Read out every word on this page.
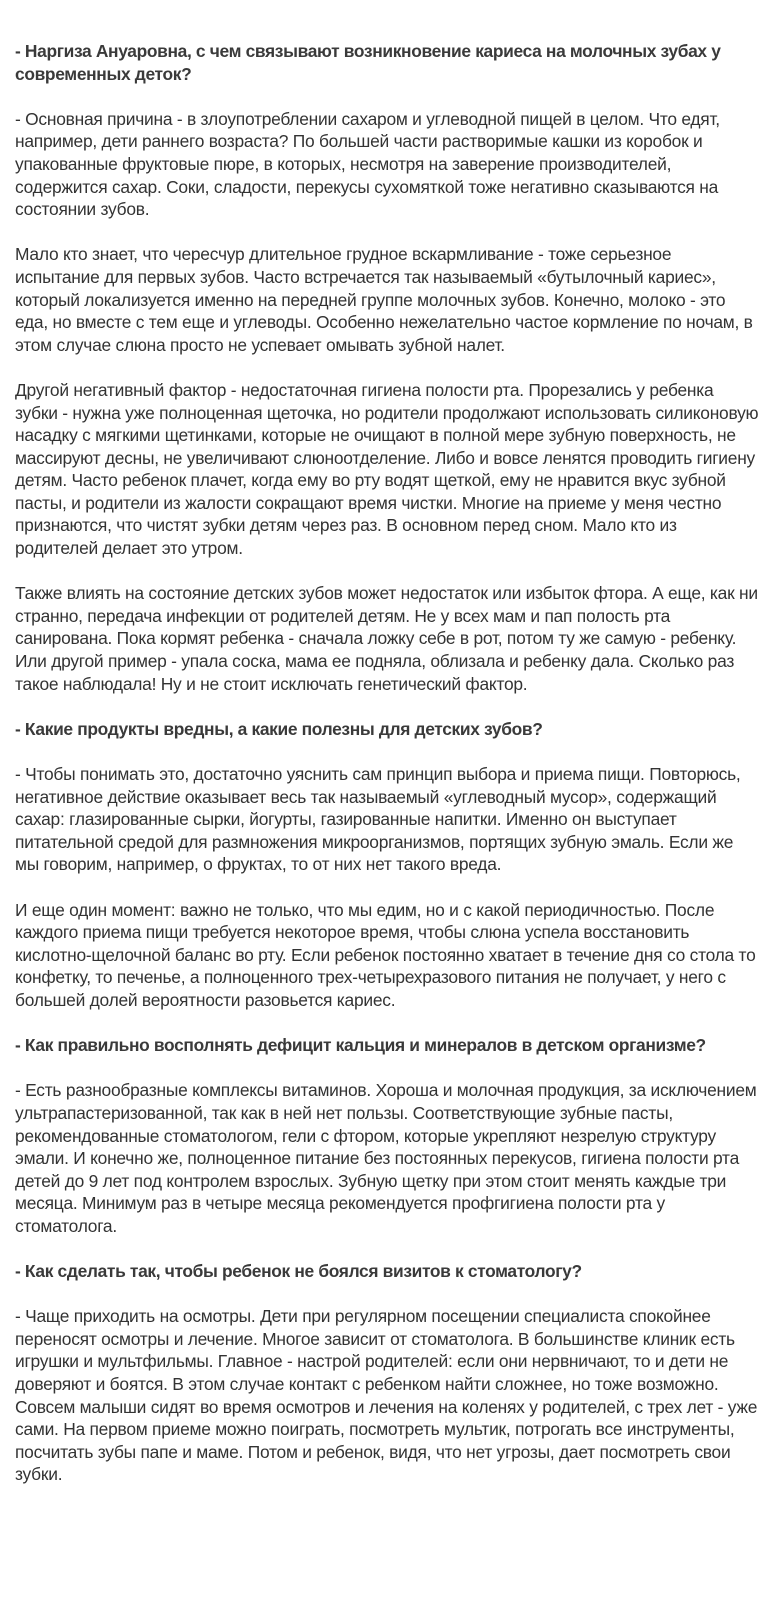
- Наргиза Ануаровна, с чем связывают возникновение кариеса на молочных зубах у современных деток?

- Основная причина - в злоупотреблении сахаром и углеводной пищей в целом. Что едят, например, дети раннего возраста? По большей части растворимые кашки из коробок и упакованные фруктовые пюре, в которых, несмотря на заверение производителей, содержится сахар. Соки, сладости, перекусы сухомяткой тоже негативно сказываются на состоянии зубов.

Мало кто знает, что чересчур длительное грудное вскармливание - тоже серьезное испытание для первых зубов. Часто встречается так называемый «бутылочный кариес», который локализуется именно на передней группе молочных зубов. Конечно, молоко - это еда, но вместе с тем еще и углеводы. Особенно нежелательно частое кормление по ночам, в этом случае слюна просто не успевает омывать зубной налет.

Другой негативный фактор - недостаточная гигиена полости рта. Прорезались у ребенка зубки - нужна уже полноценная щеточка, но родители продолжают использовать силиконовую насадку с мягкими щетинками, которые не очищают в полной мере зубную поверхность, не массируют десны, не увеличивают слюноотделение. Либо и вовсе ленятся проводить гигиену детям. Часто ребенок плачет, когда ему во рту водят щеткой, ему не нравится вкус зубной пасты, и родители из жалости сокращают время чистки. Многие на приеме у меня честно признаются, что чистят зубки детям через раз. В основном перед сном. Мало кто из родителей делает это утром.

Также влиять на состояние детских зубов может недостаток или избыток фтора. А еще, как ни странно, передача инфекции от родителей детям. Не у всех мам и пап полость рта санирована. Пока кормят ребенка - сначала ложку себе в рот, потом ту же самую - ребенку. Или другой пример - упала соска, мама ее подняла, облизала и ребенку дала. Сколько раз такое наблюдала! Ну и не стоит исключать генетический фактор.

- Какие продукты вредны, а какие полезны для детских зубов?

- Чтобы понимать это, достаточно уяснить сам принцип выбора и приема пищи. Повторюсь, негативное действие оказывает весь так называемый «углеводный мусор», содержащий сахар: глазированные сырки, йогурты, газированные напитки. Именно он выступает питательной средой для размножения микроорганизмов, портящих зубную эмаль. Если же мы говорим, например, о фруктах, то от них нет такого вреда.

И еще один момент: важно не только, что мы едим, но и с какой периодичностью. После каждого приема пищи требуется некоторое время, чтобы слюна успела восстановить кислотно-щелочной баланс во рту. Если ребенок постоянно хватает в течение дня со стола то конфетку, то печенье, а полноценного трех-четырехразового питания не получает, у него с большей долей вероятности разовьется кариес.

- Как правильно восполнять дефицит кальция и минералов в детском организме?

- Есть разнообразные комплексы витаминов. Хороша и молочная продукция, за исключением ультрапастеризованной, так как в ней нет пользы. Соответствующие зубные пасты, рекомендованные стоматологом, гели с фтором, которые укрепляют незрелую структуру эмали. И конечно же, полноценное питание без постоянных перекусов, гигиена полости рта детей до 9 лет под контролем взрослых. Зубную щетку при этом стоит менять каждые три месяца. Минимум раз в четыре месяца рекомендуется профгигиена полости рта у стоматолога.

- Как сделать так, чтобы ребенок не боялся визитов к стоматологу?

- Чаще приходить на осмотры. Дети при регулярном посещении специалиста спокойнее переносят осмотры и лечение. Многое зависит от стоматолога. В большинстве клиник есть игрушки и мультфильмы. Главное - настрой родителей: если они нервничают, то и дети не доверяют и боятся. В этом случае контакт с ребенком найти сложнее, но тоже возможно. Совсем малыши сидят во время осмотров и лечения на коленях у родителей, с трех лет - уже сами. На первом приеме можно поиграть, посмотреть мультик, потрогать все инструменты, посчитать зубы папе и маме. Потом и ребенок, видя, что нет угрозы, дает посмотреть свои зубки.
